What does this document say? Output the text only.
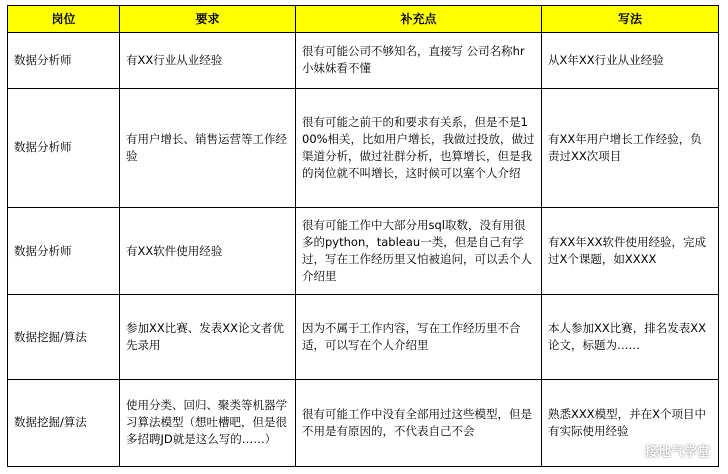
岗位	要求	补充点	写法
数据分析师	有XX行业从业经验	很有可能公司不够知名，直接写 公司名称hr小妹妹看不懂	从X年XX行业从业经验
数据分析师	有用户增长、销售运营等工作经验	很有可能之前干的和要求有关系，但是不是100%相关，比如用户增长，我做过投放，做过渠道分析，做过社群分析，也算增长，但是我的岗位就不叫增长，这时候可以塞个人介绍	有XX年用户增长工作经验，负责过XX次项目
数据分析师	有XX软件使用经验	很有可能工作中大部分用sql取数，没有用很多的python，tableau一类，但是自己有学过，写在工作经历里又怕被追问，可以丢个人介绍里	有XX年XX软件使用经验，完成过X个课题，如XXXX
数据挖掘/算法	参加XX比赛、发表XX论文者优先录用	因为不属于工作内容，写在工作经历里不合适，可以写在个人介绍里	本人参加XX比赛，排名发表XX论文，标题为……
数据挖掘/算法	使用分类、回归、聚类等机器学习算法模型（想吐槽吧，但是很多招聘JD就是这么写的……）	很有可能工作中没有全部用过这些模型，但是不用是有原因的，不代表自己不会	熟悉XXX模型，并在X个项目中有实际使用经验
接地气学堂
